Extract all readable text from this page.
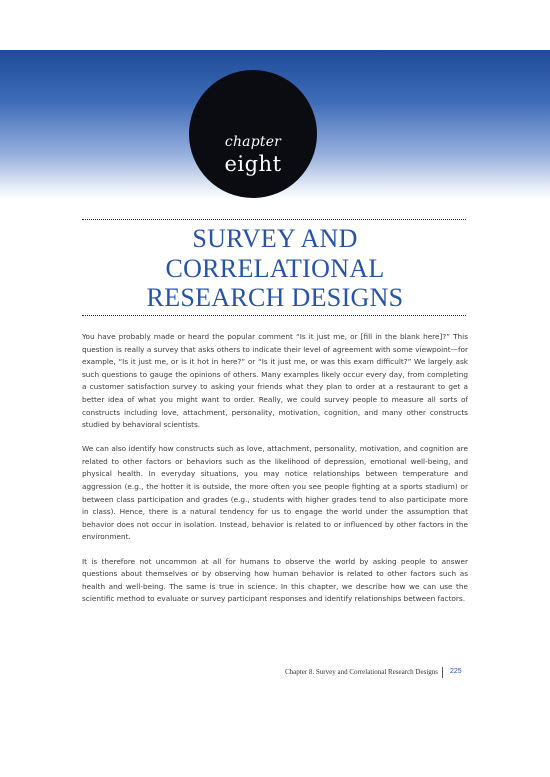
chapter
eight
SURVEY AND
CORRELATIONAL
RESEARCH DESIGNS

You have probably made or heard the popular comment “Is it just me, or [fill in the blank here]?” This question is really a survey that asks others to indicate their level of agreement with some viewpoint—for example, “Is it just me, or is it hot in here?” or “Is it just me, or was this exam difficult?” We largely ask such questions to gauge the opinions of others. Many examples likely occur every day, from completing a customer satisfaction survey to asking your friends what they plan to order at a restaurant to get a better idea of what you might want to order. Really, we could survey people to measure all sorts of constructs including love, attachment, personality, motivation, cognition, and many other constructs studied by behavioral scientists.

We can also identify how constructs such as love, attachment, personality, motivation, and cognition are related to other factors or behaviors such as the likelihood of depression, emotional well-being, and physical health. In everyday situations, you may notice relationships between temperature and aggression (e.g., the hotter it is outside, the more often you see people fighting at a sports stadium) or between class participation and grades (e.g., students with higher grades tend to also participate more in class). Hence, there is a natural tendency for us to engage the world under the assumption that behavior does not occur in isolation. Instead, behavior is related to or influenced by other factors in the environment.

It is therefore not uncommon at all for humans to observe the world by asking people to answer questions about themselves or by observing how human behavior is related to other factors such as health and well-being. The same is true in science. In this chapter, we describe how we can use the scientific method to evaluate or survey participant responses and identify relationships between factors.

Chapter 8. Survey and Correlational Research Designs 225
